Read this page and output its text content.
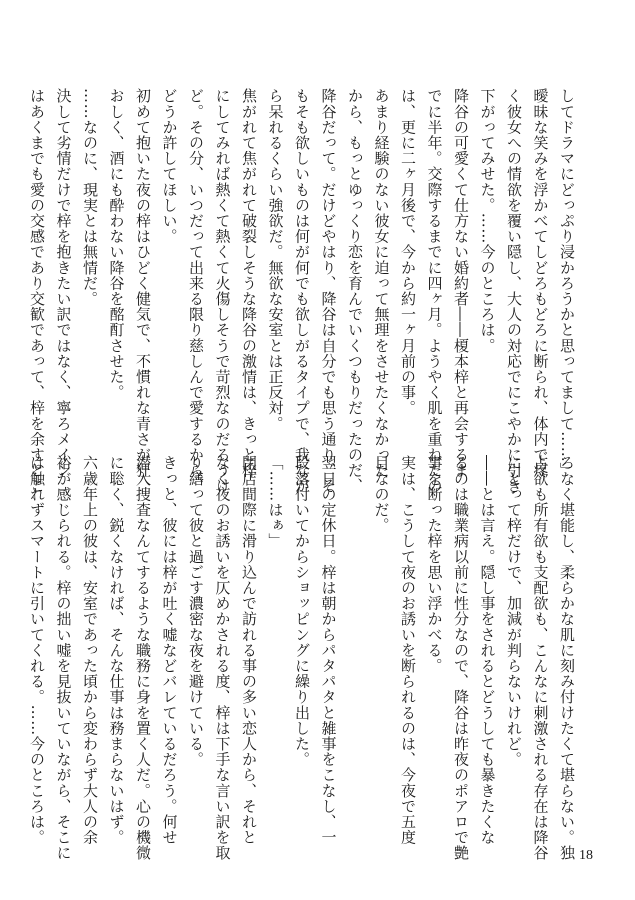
してドラマにどっぷり浸かろうかと思ってまして……」
曖昧な笑みを浮かべてしどろもどろに断られ、体内で疼
く彼女への情欲を覆い隠し、大人の対応でにこやかに引き
下がってみせた。……今のところは。
降谷の可愛くて仕方ない婚約者――榎本梓と再会するま
でに半年。交際するまでに四ヶ月。ようやく肌を重ねたの
は、更に二ヶ月後で、今から約一ヶ月前の事。
あまり経験のない彼女に迫って無理をさせたくなかった
から、もっとゆっくり恋を育んでいくつもりだったのだ、
降谷だって。だけどやはり、降谷は自分でも思う通り、そ
もそも欲しいものは何が何でも欲しがるタイプで、我なが
ら呆れるくらい強欲だ。無欲な安室とは正反対。
焦がれて焦がれて破裂しそうな降谷の激情は、きっと梓
にしてみれば熱くて熱くて火傷しそうで苛烈なのだろうけ
ど。その分、いつだって出来る限り慈しんで愛するから、
どうか許してほしい。
初めて抱いた夜の梓はひどく健気で、不慣れな青さが狂
おしく、酒にも酔わない降谷を酩酊させた。
……なのに、現実とは無情だ。
決して劣情だけで梓を抱きたい訳ではなく、寧ろメイン
はあくまでも愛の交感であり交歓であって、梓を余すとこ
ろなく堪能し、柔らかな肌に刻み付けたくて堪らない。独
占欲も所有欲も支配欲も、こんなに刺激される存在は降谷
にとって梓だけで、加減が判らないけれど。
――とは言え。隠し事をされるとどうしても暴きたくな
るのは職業病以前に性分なので、降谷は昨夜のポアロで艶
事を断った梓を思い浮かべる。
実は、こうして夜のお誘いを断られるのは、今夜で五度
目なのだ。

翌日の定休日。梓は朝からパタパタと雑事をこなし、一
段落付いてからショッピングに繰り出した。
「……はぁ」
閉店間際に滑り込んで訪れる事の多い恋人から、それと
なく夜のお誘いを仄めかされる度、梓は下手な言い訳を取
り繕って彼と過ごす濃密な夜を避けている。
きっと、彼には梓が吐く嘘などバレているだろう。何せ
潜入捜査なんてするような職務に身を置く人だ。心の機微
に聡く、鋭くなければ、そんな仕事は務まらないはず。
六歳年上の彼は、安室であった頃から変わらず大人の余
裕が感じられる。梓の拙い嘘を見抜いていながら、そこに
は触れずスマートに引いてくれる。……今のところは。
18
